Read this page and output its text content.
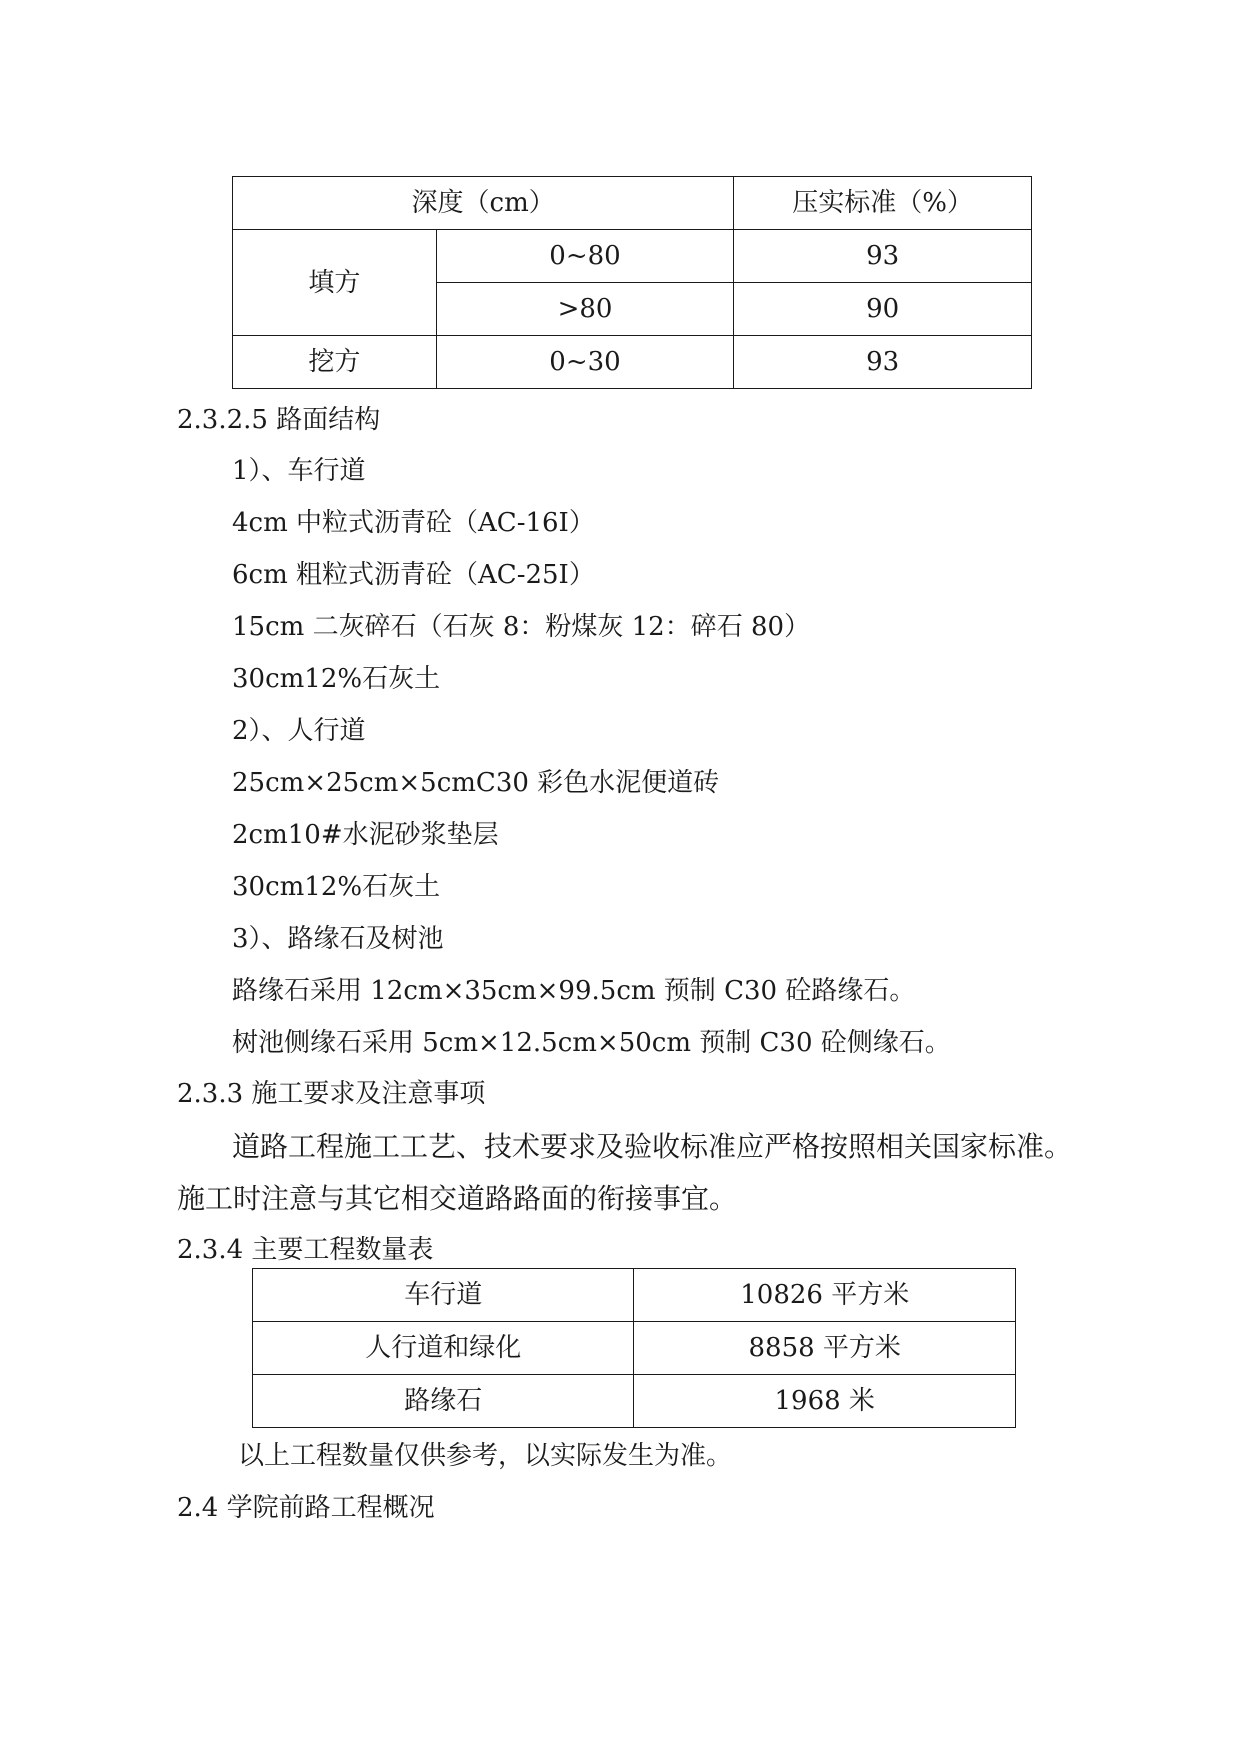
深度（cm）		压实标准（%）
填方	0~80	93
	>80	90
挖方	0~30	93
2.3.2.5 路面结构
1）、车行道
4cm 中粒式沥青砼（AC-16I）
6cm 粗粒式沥青砼（AC-25I）
15cm 二灰碎石（石灰 8：粉煤灰 12：碎石 80）
30cm12%石灰土
2）、人行道
25cm×25cm×5cmC30 彩色水泥便道砖
2cm10#水泥砂浆垫层
30cm12%石灰土
3）、路缘石及树池
路缘石采用 12cm×35cm×99.5cm 预制 C30 砼路缘石。
树池侧缘石采用 5cm×12.5cm×50cm 预制 C30 砼侧缘石。
2.3.3 施工要求及注意事项
道路工程施工工艺、技术要求及验收标准应严格按照相关国家标准。
施工时注意与其它相交道路路面的衔接事宜。
2.3.4 主要工程数量表
车行道	10826 平方米
人行道和绿化	8858 平方米
路缘石	1968 米
以上工程数量仅供参考，以实际发生为准。
2.4 学院前路工程概况
